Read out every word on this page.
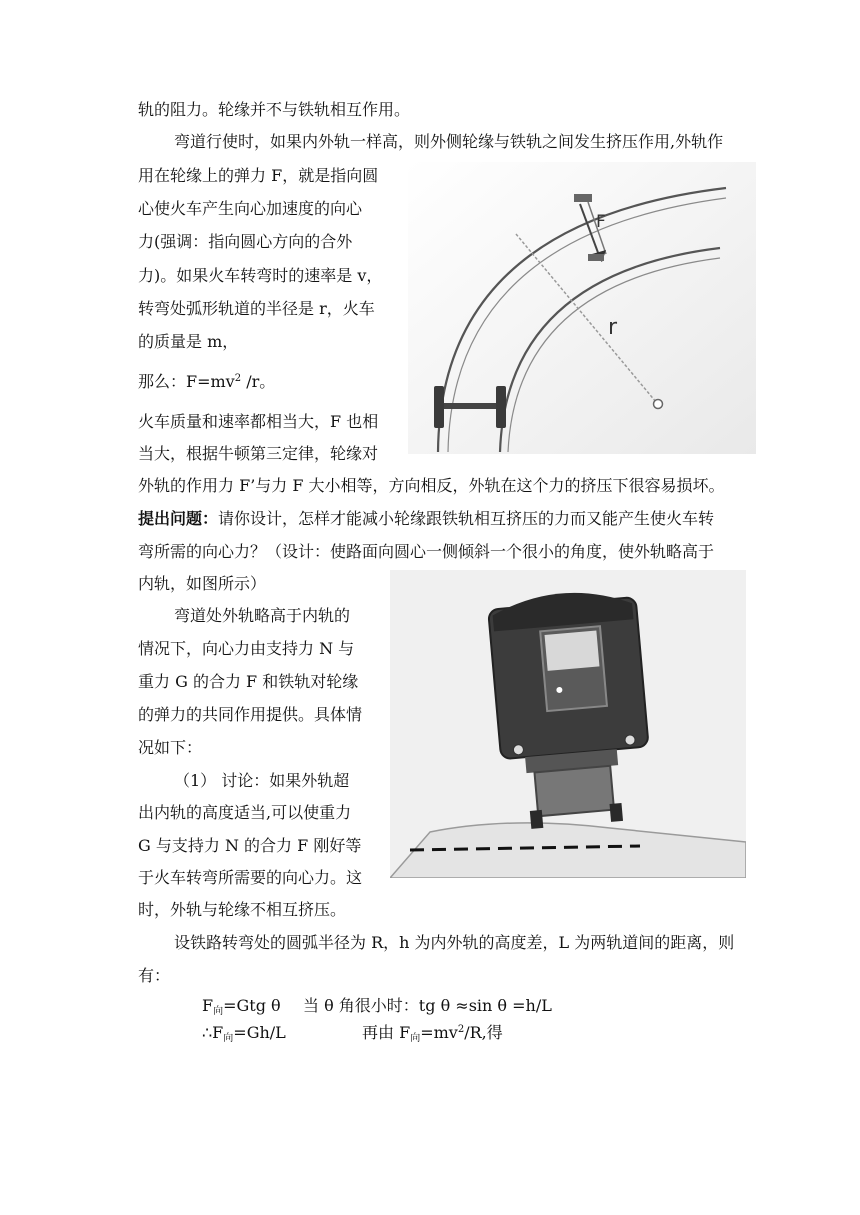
轨的阻力。轮缘并不与铁轨相互作用。
弯道行使时，如果内外轨一样高，则外侧轮缘与铁轨之间发生挤压作用,外轨作
用在轮缘上的弹力 F，就是指向圆
心使火车产生向心加速度的向心
力(强调：指向圆心方向的合外
力)。如果火车转弯时的速率是 v，
转弯处弧形轨道的半径是 r，火车
的质量是 m，
那么：$F=mv^2$ /r。
火车质量和速率都相当大，F 也相
当大，根据牛顿第三定律，轮缘对
外轨的作用力 F’与力 F 大小相等，方向相反，外轨在这个力的挤压下很容易损坏。
提出问题：请你设计，怎样才能减小轮缘跟铁轨相互挤压的力而又能产生使火车转
弯所需的向心力？（设计：使路面向圆心一侧倾斜一个很小的角度，使外轨略高于
内轨，如图所示）
弯道处外轨略高于内轨的
情况下，向心力由支持力 N 与
重力 G 的合力 F 和铁轨对轮缘
的弹力的共同作用提供。具体情
况如下：
（1） 讨论：如果外轨超
出内轨的高度适当,可以使重力
G 与支持力 N 的合力 F 刚好等
于火车转弯所需要的向心力。这
时，外轨与轮缘不相互挤压。
设铁路转弯处的圆弧半径为 R，h 为内外轨的高度差，L 为两轨道间的距离，则
有：
F向=Gtg θ 当 θ 角很小时：tg θ ≈sin θ =h/L
∴F向=Gh/L	再由 F向$=mv^2/R$,得
r
F
